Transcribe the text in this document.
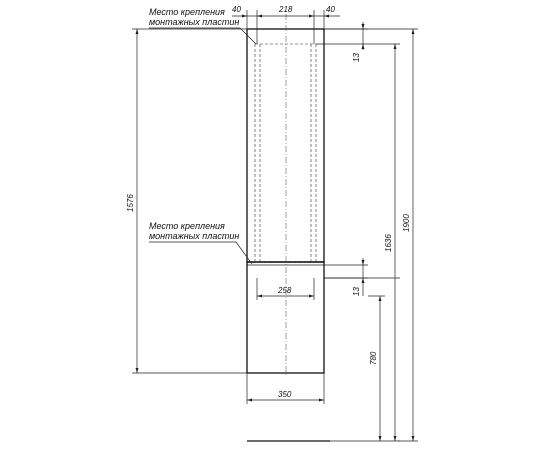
40	218	40
Место крепления
монтажных пластин
Место крепления
монтажных пластин
13
13
1576
1636
1900
780
258
350
